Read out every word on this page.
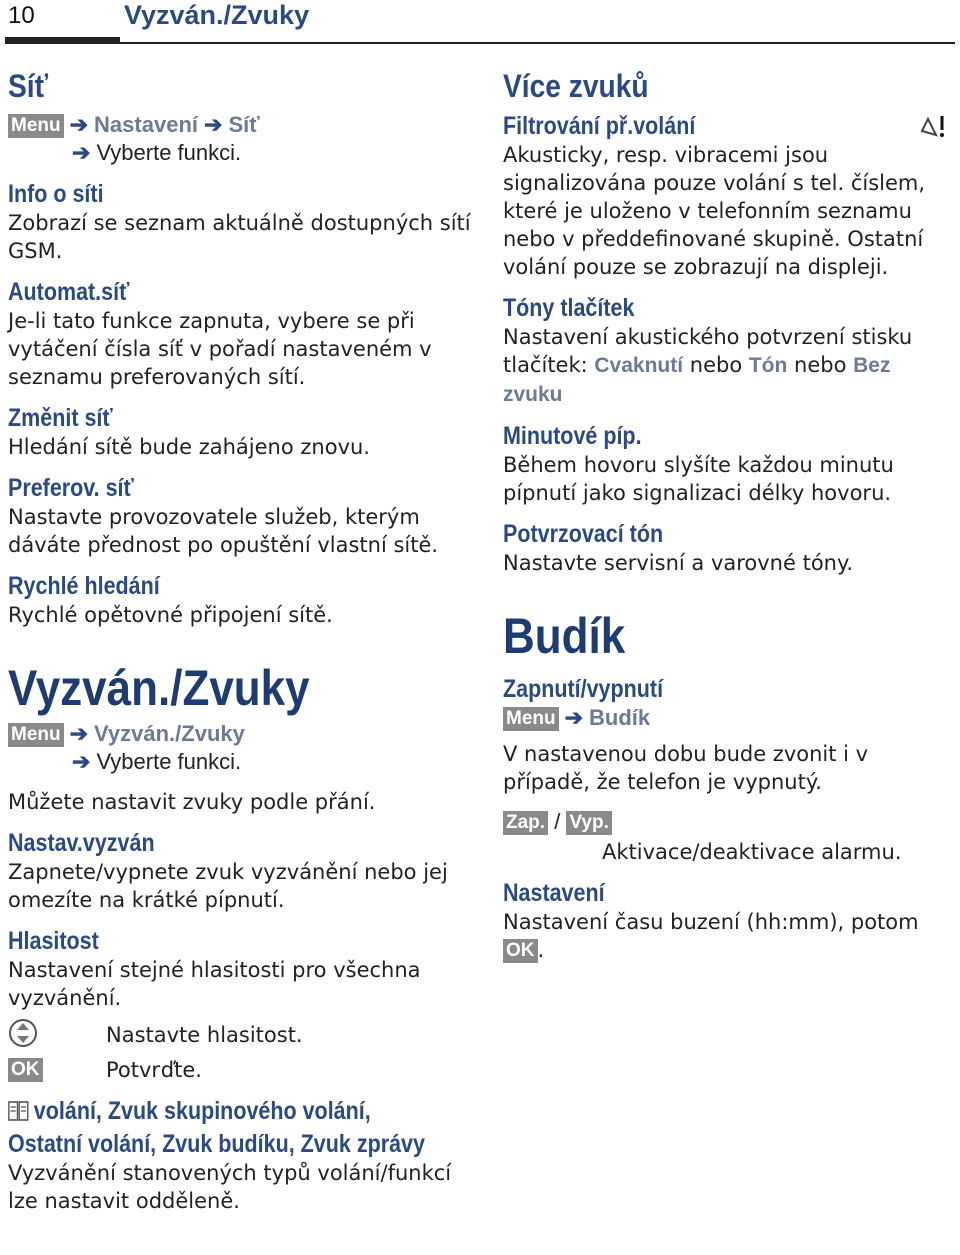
10	Vyzván./Zvuky
Síť
Menu ➔ Nastavení ➔ Síť
➔ Vyberte funkci.
Info o síti
Zobrazí se seznam aktuálně dostupných sítí GSM.
Automat.síť
Je-li tato funkce zapnuta, vybere se při vytáčení čísla síť v pořadí nastaveném v seznamu preferovaných sítí.
Změnit síť
Hledání sítě bude zahájeno znovu.
Preferov. síť
Nastavte provozovatele služeb, kterým dáváte přednost po opuštění vlastní sítě.
Rychlé hledání
Rychlé opětovné připojení sítě.
Vyzván./Zvuky
Menu ➔ Vyzván./Zvuky
➔ Vyberte funkci.
Můžete nastavit zvuky podle přání.
Nastav.vyzván
Zapnete/vypnete zvuk vyzvánění nebo jej omezíte na krátké pípnutí.
Hlasitost
Nastavení stejné hlasitosti pro všechna vyzvánění.
Nastavte hlasitost.
OK	Potvrďte.
volání, Zvuk skupinového volání,
Ostatní volání, Zvuk budíku, Zvuk zprávy
Vyzvánění stanovených typů volání/funkcí lze nastavit odděleně.
Více zvuků
Filtrování př.volání
Akusticky, resp. vibracemi jsou signalizována pouze volání s tel. číslem, které je uloženo v telefonním seznamu nebo v předdefinované skupině. Ostatní volání pouze se zobrazují na displeji.
Tóny tlačítek
Nastavení akustického potvrzení stisku tlačítek: Cvaknutí nebo Tón nebo Bez zvuku
Minutové píp.
Během hovoru slyšíte každou minutu pípnutí jako signalizaci délky hovoru.
Potvrzovací tón
Nastavte servisní a varovné tóny.
Budík
Zapnutí/vypnutí
Menu ➔ Budík
V nastavenou dobu bude zvonit i v případě, že telefon je vypnutý.
Zap. / Vyp.
Aktivace/deaktivace alarmu.
Nastavení
Nastavení času buzení (hh:mm), potom OK .
